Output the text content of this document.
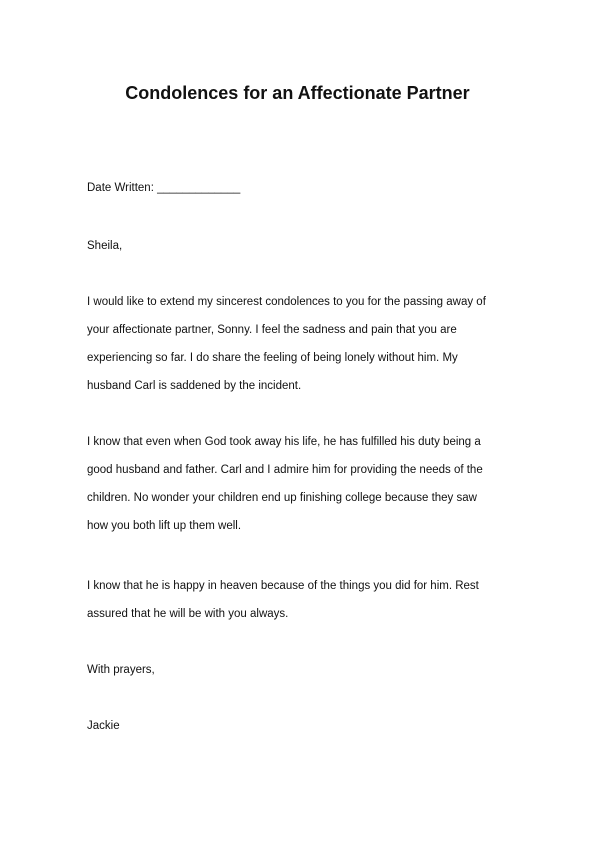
Condolences for an Affectionate Partner
Date Written: _____________
Sheila,
I would like to extend my sincerest condolences to you for the passing away of
your affectionate partner, Sonny. I feel the sadness and pain that you are
experiencing so far. I do share the feeling of being lonely without him. My
husband Carl is saddened by the incident.
I know that even when God took away his life, he has fulfilled his duty being a
good husband and father. Carl and I admire him for providing the needs of the
children. No wonder your children end up finishing college because they saw
how you both lift up them well.
I know that he is happy in heaven because of the things you did for him. Rest
assured that he will be with you always.
With prayers,
Jackie
